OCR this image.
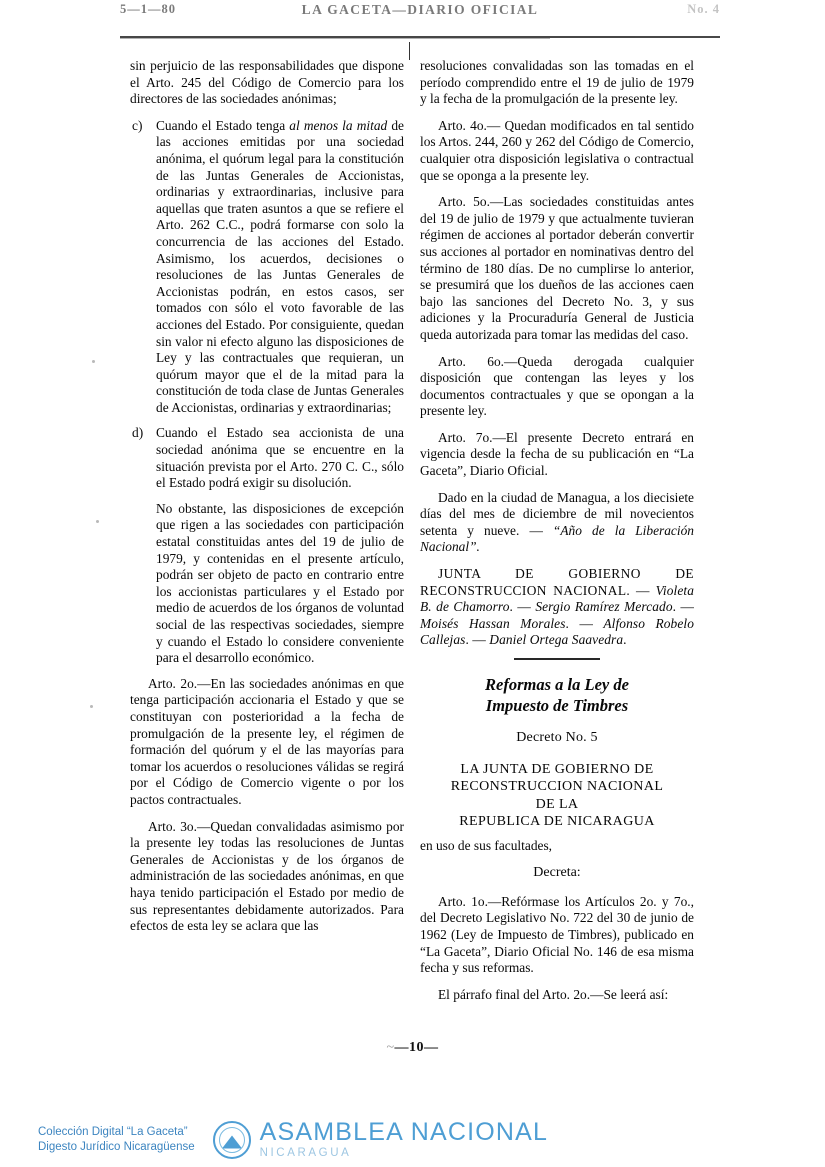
5—1—80	LA GACETA—DIARIO OFICIAL	No. 4

sin perjuicio de las responsabilidades que dispone el Arto. 245 del Código de Comercio para los directores de las sociedades anónimas;

c)	Cuando el Estado tenga al menos la mitad de las acciones emitidas por una sociedad anónima, el quórum legal para la constitución de las Juntas Generales de Accionistas, ordinarias y extraordinarias, inclusive para aquellas que traten asuntos a que se refiere el Arto. 262 C.C., podrá formarse con solo la concurrencia de las acciones del Estado. Asimismo, los acuerdos, decisiones o resoluciones de las Juntas Generales de Accionistas podrán, en estos casos, ser tomados con sólo el voto favorable de las acciones del Estado. Por consiguiente, quedan sin valor ni efecto alguno las disposiciones de Ley y las contractuales que requieran, un quórum mayor que el de la mitad para la constitución de toda clase de Juntas Generales de Accionistas, ordinarias y extraordinarias;
d) Cuando el Estado sea accionista de una sociedad anónima que se encuentre en la situación prevista por el Arto. 270 C. C., sólo el Estado podrá exigir su disolución.
No obstante, las disposiciones de excepción que rigen a las sociedades con participación estatal constituidas antes del 19 de julio de 1979, y contenidas en el presente artículo, podrán ser objeto de pacto en contrario entre los accionistas particulares y el Estado por medio de acuerdos de los órganos de voluntad social de las respectivas sociedades, siempre y cuando el Estado lo considere conveniente para el desarrollo económico.

Arto. 2o.—En las sociedades anónimas en que tenga participación accionaria el Estado y que se constituyan con posterioridad a la fecha de promulgación de la presente ley, el régimen de formación del quórum y el de las mayorías para tomar los acuerdos o resoluciones válidas se regirá por el Código de Comercio vigente o por los pactos contractuales.

Arto. 3o.—Quedan convalidadas asimismo por la presente ley todas las resoluciones de Juntas Generales de Accionistas y de los órganos de administración de las sociedades anónimas, en que haya tenido participación el Estado por medio de sus representantes debidamente autorizados. Para efectos de esta ley se aclara que las

resoluciones convalidadas son las tomadas en el período comprendido entre el 19 de julio de 1979 y la fecha de la promulgación de la presente ley.

Arto. 4o.— Quedan modificados en tal sentido los Artos. 244, 260 y 262 del Código de Comercio, cualquier otra disposición legislativa o contractual que se oponga a la presente ley.

Arto. 5o.—Las sociedades constituidas antes del 19 de julio de 1979 y que actualmente tuvieran régimen de acciones al portador deberán convertir sus acciones al portador en nominativas dentro del término de 180 días. De no cumplirse lo anterior, se presumirá que los dueños de las acciones caen bajo las sanciones del Decreto No. 3, y sus adiciones y la Procuraduría General de Justicia queda autorizada para tomar las medidas del caso.

Arto. 6o.—Queda derogada cualquier disposición que contengan las leyes y los documentos contractuales y que se opongan a la presente ley.

Arto. 7o.—El presente Decreto entrará en vigencia desde la fecha de su publicación en “La Gaceta”, Diario Oficial.

Dado en la ciudad de Managua, a los diecisiete días del mes de diciembre de mil novecientos setenta y nueve. — “Año de la Liberación Nacional”.

JUNTA DE GOBIERNO DE RECONSTRUCCION NACIONAL. — Violeta B. de Chamorro. — Sergio Ramírez Mercado. — Moisés Hassan Morales. — Alfonso Robelo Callejas. — Daniel Ortega Saavedra.

Reformas a la Ley de
Impuesto de Timbres
Decreto No. 5
LA JUNTA DE GOBIERNO DE
RECONSTRUCCION NACIONAL
DE LA
REPUBLICA DE NICARAGUA
en uso de sus facultades,
Decreta:

Arto. 1o.—Refórmase los Artículos 2o. y 7o., del Decreto Legislativo No. 722 del 30 de junio de 1962 (Ley de Impuesto de Timbres), publicado en “La Gaceta”, Diario Oficial No. 146 de esa misma fecha y sus reformas.

El párrafo final del Arto. 2o.—Se leerá así:

~—10—
Colección Digital “La Gaceta”
Digesto Jurídico Nicaragüense
ASAMBLEA NACIONAL
NICARAGUA
